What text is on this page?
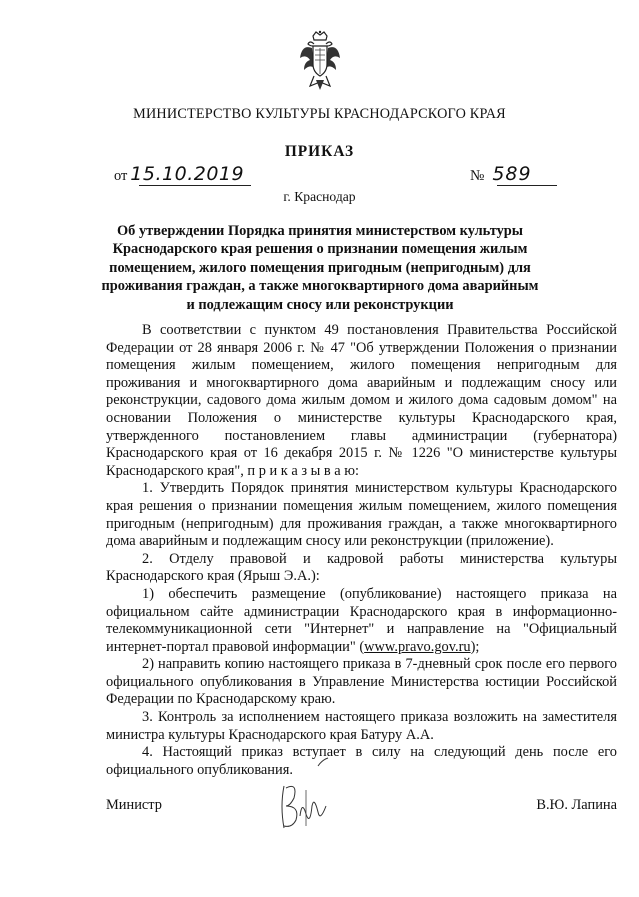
МИНИСТЕРСТВО КУЛЬТУРЫ КРАСНОДАРСКОГО КРАЯ
ПРИКАЗ
от 15.10.2019	№ 589
г. Краснодар
Об утверждении Порядка принятия министерством культуры Краснодарского края решения о признании помещения жилым помещением, жилого помещения пригодным (непригодным) для проживания граждан, а также многоквартирного дома аварийным и подлежащим сносу или реконструкции

В соответствии с пунктом 49 постановления Правительства Российской Федерации от 28 января 2006 г. № 47 "Об утверждении Положения о признании помещения жилым помещением, жилого помещения непригодным для проживания и многоквартирного дома аварийным и подлежащим сносу или реконструкции, садового дома жилым домом и жилого дома садовым домом" на основании Положения о министерстве культуры Краснодарского края, утвержденного постановлением главы администрации (губернатора) Краснодарского края от 16 декабря 2015 г. № 1226 "О министерстве культуры Краснодарского края", п р и к а з ы в а ю:

1. Утвердить Порядок принятия министерством культуры Краснодарского края решения о признании помещения жилым помещением, жилого помещения пригодным (непригодным) для проживания граждан, а также многоквартирного дома аварийным и подлежащим сносу или реконструкции (приложение).

2. Отделу правовой и кадровой работы министерства культуры Краснодарского края (Ярыш Э.А.):

1) обеспечить размещение (опубликование) настоящего приказа на официальном сайте администрации Краснодарского края в информационно-телекоммуникационной сети "Интернет" и направление на "Официальный интернет-портал правовой информации" (www.pravo.gov.ru);

2) направить копию настоящего приказа в 7-дневный срок после его первого официального опубликования в Управление Министерства юстиции Российской Федерации по Краснодарскому краю.

3. Контроль за исполнением настоящего приказа возложить на заместителя министра культуры Краснодарского края Батуру А.А.

4. Настоящий приказ вступает в силу на следующий день после его официального опубликования.

Министр	В.Ю. Лапина
